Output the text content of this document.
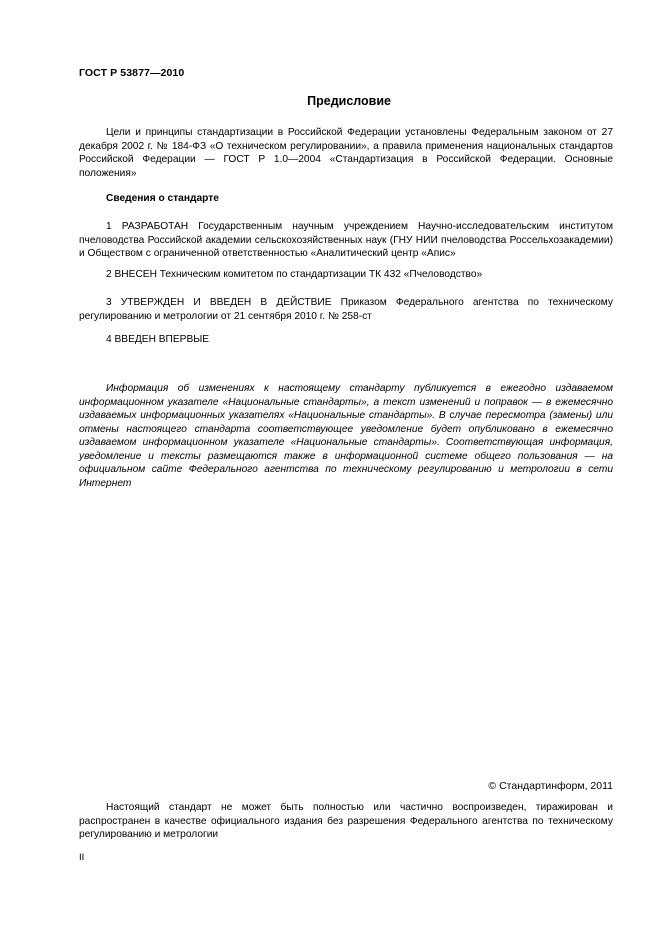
ГОСТ Р 53877—2010
Предисловие

Цели и принципы стандартизации в Российской Федерации установлены Федеральным законом от 27 декабря 2002 г. № 184-ФЗ «О техническом регулировании», а правила применения национальных стандартов Российской Федерации — ГОСТ Р 1.0—2004 «Стандартизация в Российской Федерации. Основные положения»

Сведения о стандарте

1 РАЗРАБОТАН Государственным научным учреждением Научно-исследовательским институтом пчеловодства Российской академии сельскохозяйственных наук (ГНУ НИИ пчеловодства Россельхозакадемии) и Обществом с ограниченной ответственностью «Аналитический центр «Апис»

2 ВНЕСЕН Техническим комитетом по стандартизации ТК 432 «Пчеловодство»

3 УТВЕРЖДЕН И ВВЕДЕН В ДЕЙСТВИЕ Приказом Федерального агентства по техническому регулированию и метрологии от 21 сентября 2010 г. № 258-ст

4 ВВЕДЕН ВПЕРВЫЕ

Информация об изменениях к настоящему стандарту публикуется в ежегодно издаваемом информационном указателе «Национальные стандарты», а текст изменений и поправок — в ежемесячно издаваемых информационных указателях «Национальные стандарты». В случае пересмотра (замены) или отмены настоящего стандарта соответствующее уведомление будет опубликовано в ежемесячно издаваемом информационном указателе «Национальные стандарты». Соответствующая информация, уведомление и тексты размещаются также в информационной системе общего пользования — на официальном сайте Федерального агентства по техническому регулированию и метрологии в сети Интернет

© Стандартинформ, 2011

Настоящий стандарт не может быть полностью или частично воспроизведен, тиражирован и распространен в качестве официального издания без разрешения Федерального агентства по техническому регулированию и метрологии

II
